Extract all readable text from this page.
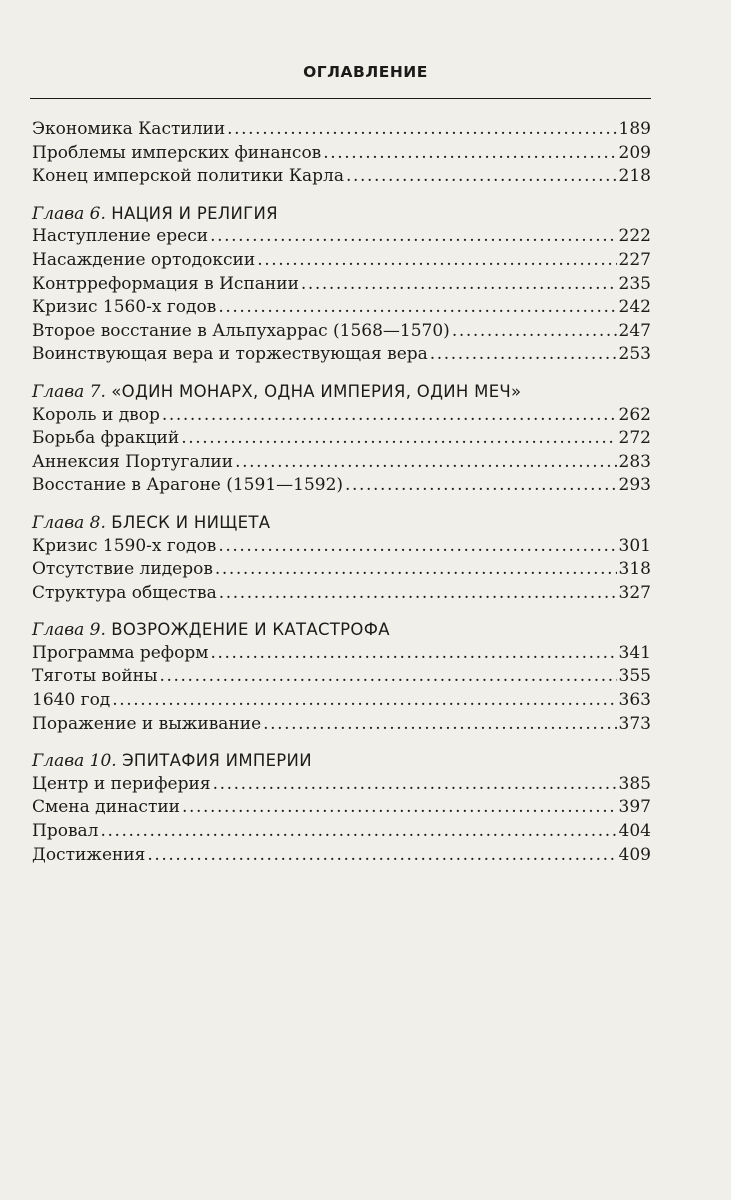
ОГЛАВЛЕНИЕ
Экономика Кастилии .....	189
Проблемы имперских финансов .....	209
Конец имперской политики Карла .....	218
Глава 6. НАЦИЯ И РЕЛИГИЯ
Наступление ереси .....	222
Насаждение ортодоксии .....	227
Контрреформация в Испании .....	235
Кризис 1560-х годов .....	242
Второе восстание в Альпухаррас (1568—1570) .....	247
Воинствующая вера и торжествующая вера .....	253
Глава 7. «ОДИН МОНАРХ, ОДНА ИМПЕРИЯ, ОДИН МЕЧ»
Король и двор .....	262
Борьба фракций .....	272
Аннексия Португалии .....	283
Восстание в Арагоне (1591—1592) .....	293
Глава 8. БЛЕСК И НИЩЕТА
Кризис 1590-х годов .....	301
Отсутствие лидеров .....	318
Структура общества .....	327
Глава 9. ВОЗРОЖДЕНИЕ И КАТАСТРОФА
Программа реформ .....	341
Тяготы войны .....	355
1640 год .....	363
Поражение и выживание .....	373
Глава 10. ЭПИТАФИЯ ИМПЕРИИ
Центр и периферия .....	385
Смена династии .....	397
Провал .....	404
Достижения .....	409
